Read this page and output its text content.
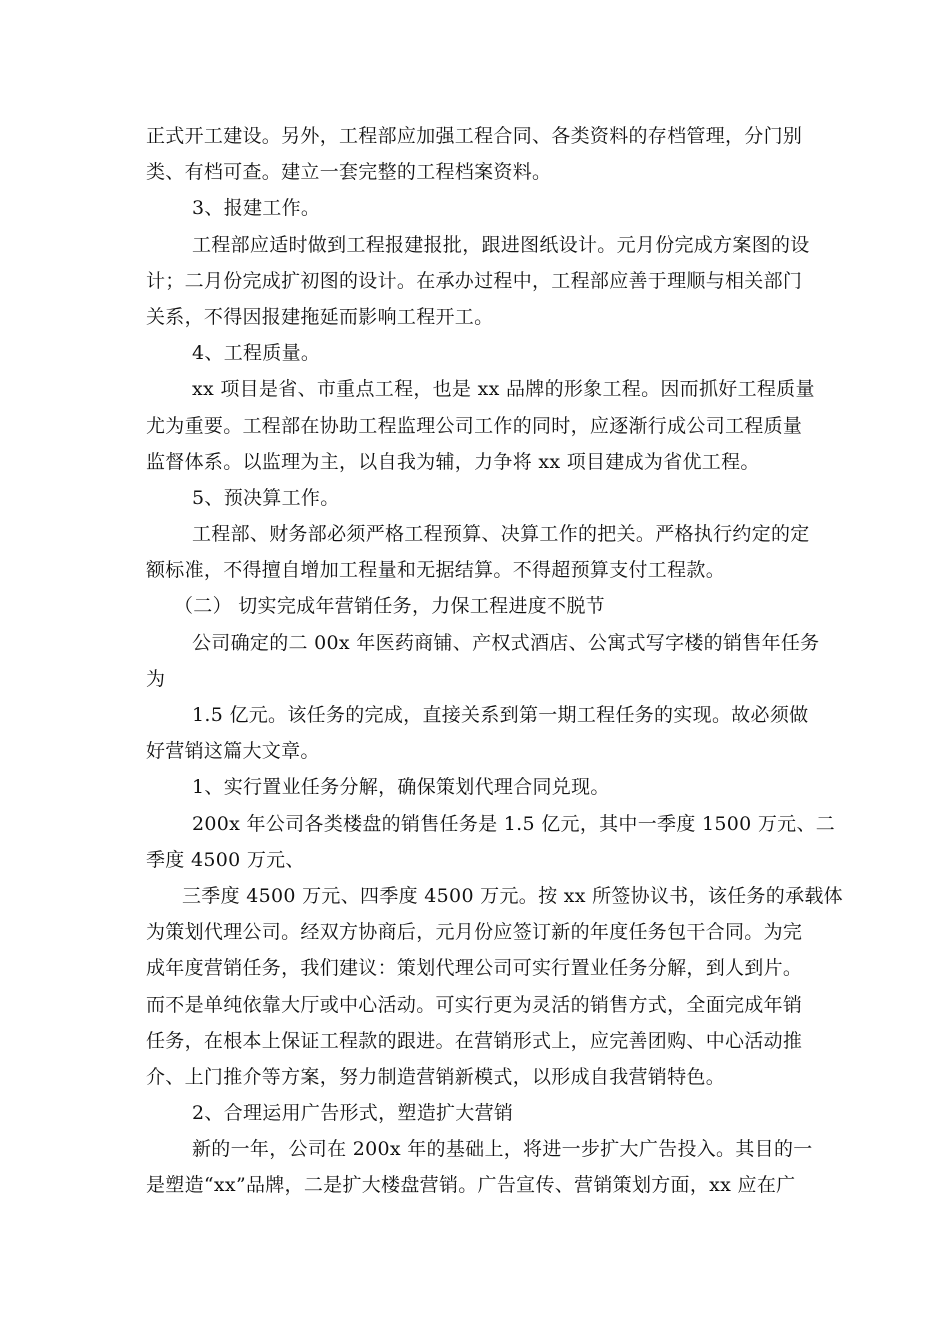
正式开工建设。另外，工程部应加强工程合同、各类资料的存档管理，分门别
类、有档可查。建立一套完整的工程档案资料。
3、报建工作。
工程部应适时做到工程报建报批，跟进图纸设计。元月份完成方案图的设
计；二月份完成扩初图的设计。在承办过程中，工程部应善于理顺与相关部门
关系，不得因报建拖延而影响工程开工。
4、工程质量。
xx 项目是省、市重点工程，也是 xx 品牌的形象工程。因而抓好工程质量
尤为重要。工程部在协助工程监理公司工作的同时，应逐渐行成公司工程质量
监督体系。以监理为主，以自我为辅，力争将 xx 项目建成为省优工程。
5、预决算工作。
工程部、财务部必须严格工程预算、决算工作的把关。严格执行约定的定
额标准，不得擅自增加工程量和无据结算。不得超预算支付工程款。
（二） 切实完成年营销任务，力保工程进度不脱节
公司确定的二 00x 年医药商铺、产权式酒店、公寓式写字楼的销售年任务
为
1.5 亿元。该任务的完成，直接关系到第一期工程任务的实现。故必须做
好营销这篇大文章。
1、实行置业任务分解，确保策划代理合同兑现。
200x 年公司各类楼盘的销售任务是 1.5 亿元，其中一季度 1500 万元、二
季度 4500 万元、
三季度 4500 万元、四季度 4500 万元。按 xx 所签协议书，该任务的承载体
为策划代理公司。经双方协商后，元月份应签订新的年度任务包干合同。为完
成年度营销任务，我们建议：策划代理公司可实行置业任务分解，到人到片。
而不是单纯依靠大厅或中心活动。可实行更为灵活的销售方式，全面完成年销
任务，在根本上保证工程款的跟进。在营销形式上，应完善团购、中心活动推
介、上门推介等方案，努力制造营销新模式，以形成自我营销特色。
2、合理运用广告形式，塑造扩大营销
新的一年，公司在 200x 年的基础上，将进一步扩大广告投入。其目的一
是塑造“xx”品牌，二是扩大楼盘营销。广告宣传、营销策划方面，xx 应在广
